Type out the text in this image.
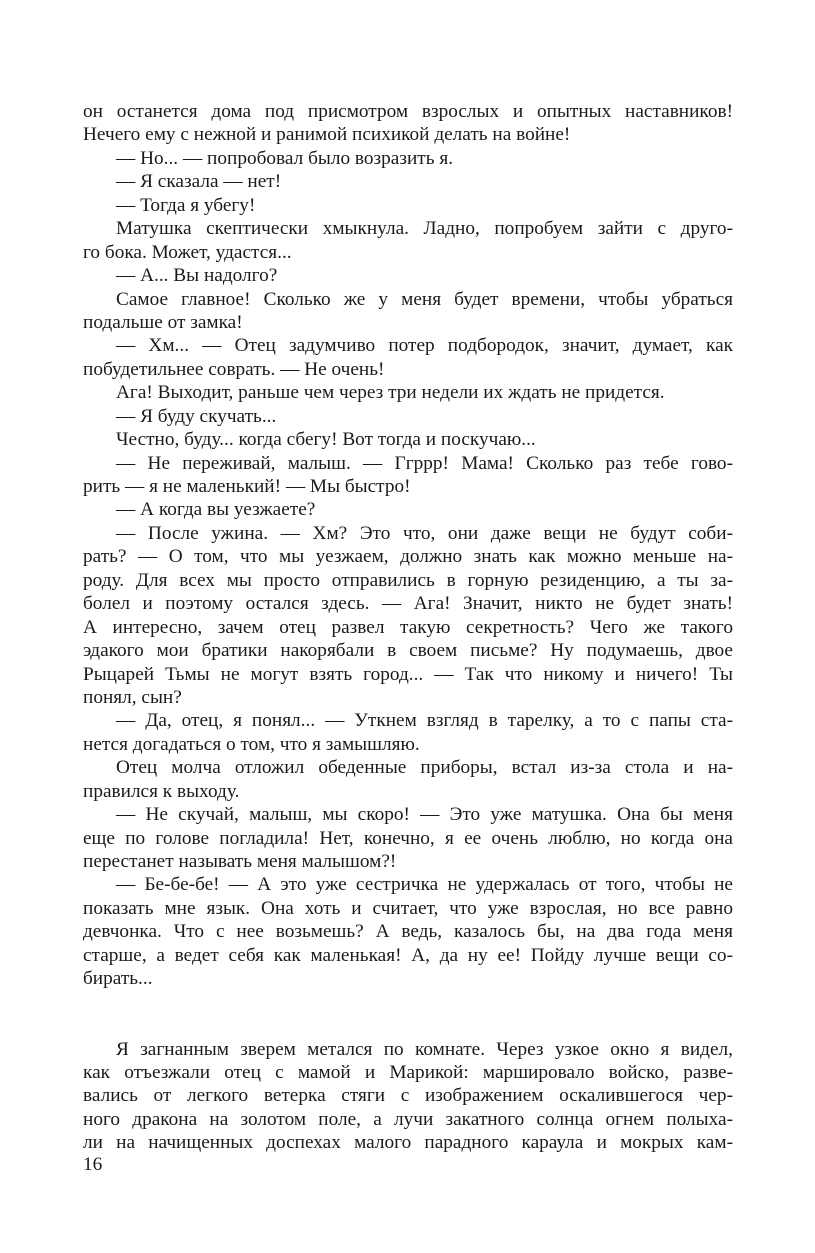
он останется дома под присмотром взрослых и опытных наставников!
Нечего ему с нежной и ранимой психикой делать на войне!
— Но... — попробовал было возразить я.
— Я сказала — нет!
— Тогда я убегу!
Матушка скептически хмыкнула. Ладно, попробуем зайти с друго-
го бока. Может, удастся...
— А... Вы надолго?
Самое главное! Сколько же у меня будет времени, чтобы убраться
подальше от замка!
— Хм... — Отец задумчиво потер подбородок, значит, думает, как
побудетильнее соврать. — Не очень!
Ага! Выходит, раньше чем через три недели их ждать не придется.
— Я буду скучать...
Честно, буду... когда сбегу! Вот тогда и поскучаю...
— Не переживай, малыш. — Ггррр! Мама! Сколько раз тебе гово-
рить — я не маленький! — Мы быстро!
— А когда вы уезжаете?
— После ужина. — Хм? Это что, они даже вещи не будут соби-
рать? — О том, что мы уезжаем, должно знать как можно меньше на-
роду. Для всех мы просто отправились в горную резиденцию, а ты за-
болел и поэтому остался здесь. — Ага! Значит, никто не будет знать!
А интересно, зачем отец развел такую секретность? Чего же такого
эдакого мои братики накорябали в своем письме? Ну подумаешь, двое
Рыцарей Тьмы не могут взять город... — Так что никому и ничего! Ты
понял, сын?
— Да, отец, я понял... — Уткнем взгляд в тарелку, а то с папы ста-
нется догадаться о том, что я замышляю.
Отец молча отложил обеденные приборы, встал из-за стола и на-
правился к выходу.
— Не скучай, малыш, мы скоро! — Это уже матушка. Она бы меня
еще по голове погладила! Нет, конечно, я ее очень люблю, но когда она
перестанет называть меня малышом?!
— Бе-бе-бе! — А это уже сестричка не удержалась от того, чтобы не
показать мне язык. Она хоть и считает, что уже взрослая, но все равно
девчонка. Что с нее возьмешь? А ведь, казалось бы, на два года меня
старше, а ведет себя как маленькая! А, да ну ее! Пойду лучше вещи со-
бирать...
Я загнанным зверем метался по комнате. Через узкое окно я видел,
как отъезжали отец с мамой и Марикой: маршировало войско, разве-
вались от легкого ветерка стяги с изображением оскалившегося чер-
ного дракона на золотом поле, а лучи закатного солнца огнем полыха-
ли на начищенных доспехах малого парадного караула и мокрых кам-
16
